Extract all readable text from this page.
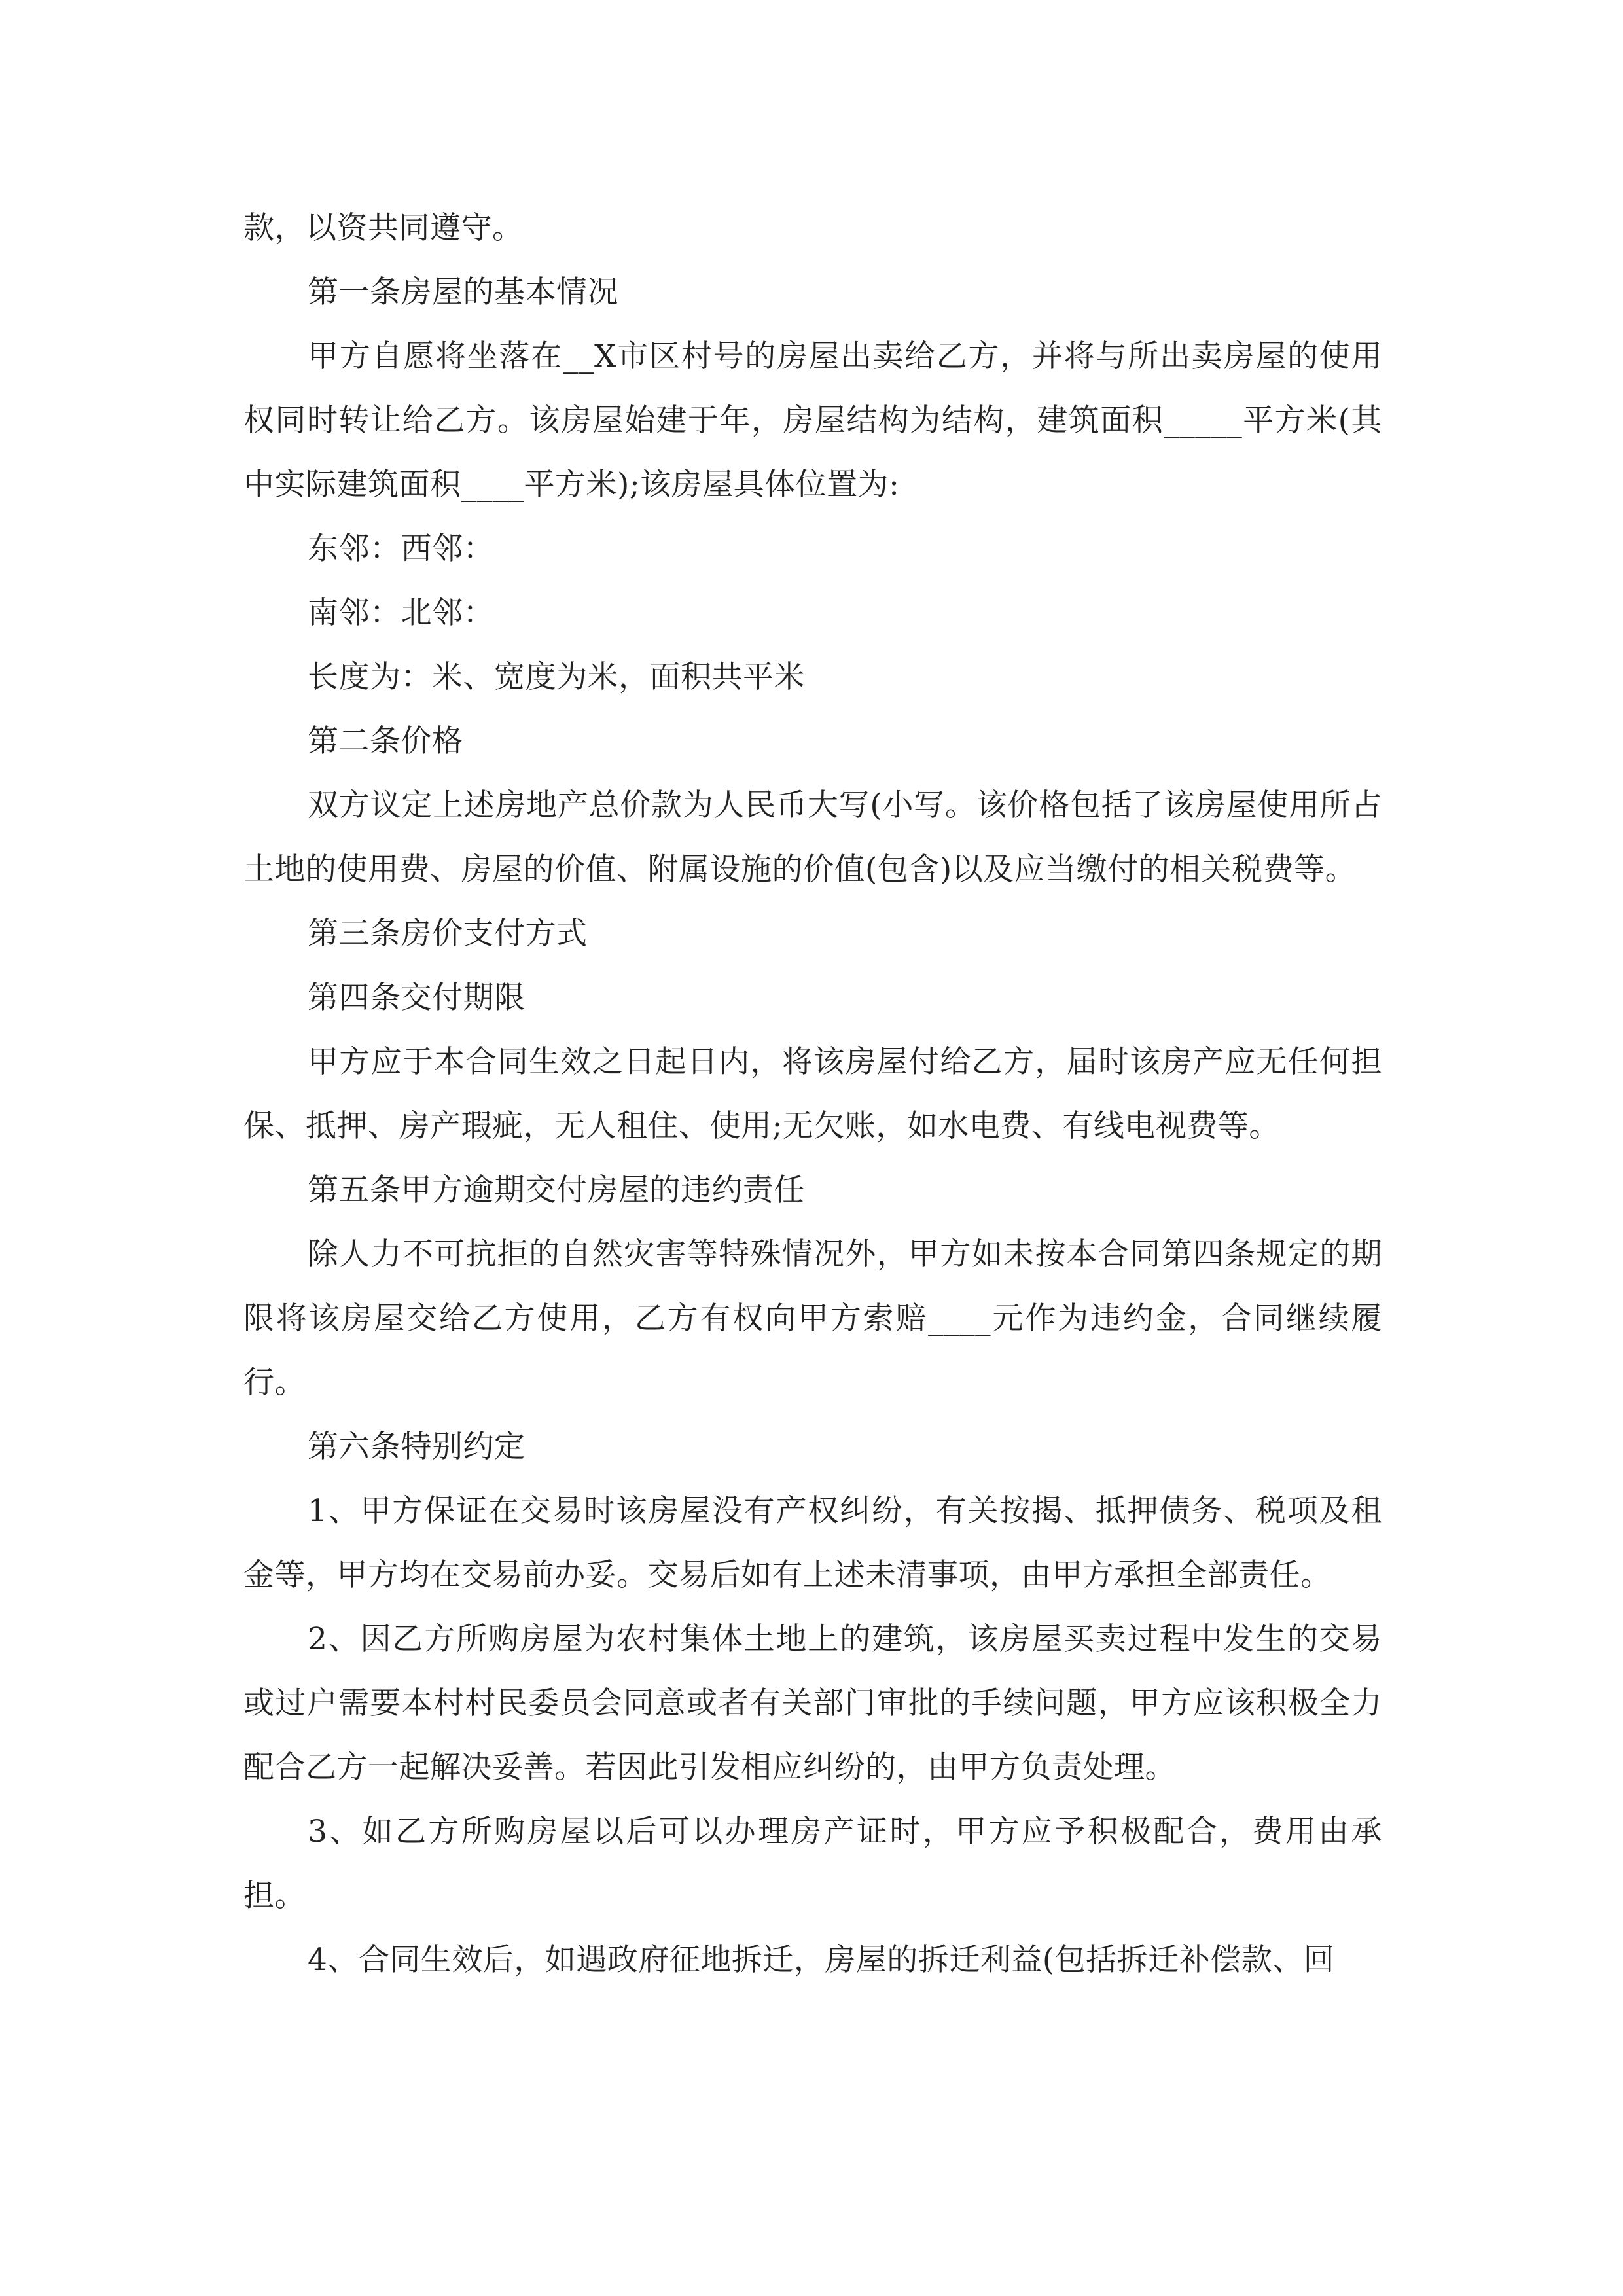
款，以资共同遵守。

第一条房屋的基本情况

甲方自愿将坐落在__X市区村号的房屋出卖给乙方，并将与所出卖房屋的使用权同时转让给乙方。该房屋始建于年，房屋结构为结构，建筑面积_____平方米(其中实际建筑面积____平方米);该房屋具体位置为:

东邻：西邻：

南邻：北邻：

长度为：米、宽度为米，面积共平米

第二条价格

双方议定上述房地产总价款为人民币大写(小写。该价格包括了该房屋使用所占土地的使用费、房屋的价值、附属设施的价值(包含)以及应当缴付的相关税费等。

第三条房价支付方式

第四条交付期限

甲方应于本合同生效之日起日内，将该房屋付给乙方，届时该房产应无任何担保、抵押、房产瑕疵，无人租住、使用;无欠账，如水电费、有线电视费等。

第五条甲方逾期交付房屋的违约责任

除人力不可抗拒的自然灾害等特殊情况外，甲方如未按本合同第四条规定的期限将该房屋交给乙方使用，乙方有权向甲方索赔____元作为违约金，合同继续履行。

第六条特别约定

1、甲方保证在交易时该房屋没有产权纠纷，有关按揭、抵押债务、税项及租金等，甲方均在交易前办妥。交易后如有上述未清事项，由甲方承担全部责任。

2、因乙方所购房屋为农村集体土地上的建筑，该房屋买卖过程中发生的交易或过户需要本村村民委员会同意或者有关部门审批的手续问题，甲方应该积极全力配合乙方一起解决妥善。若因此引发相应纠纷的，由甲方负责处理。

3、如乙方所购房屋以后可以办理房产证时，甲方应予积极配合，费用由承担。

4、合同生效后，如遇政府征地拆迁，房屋的拆迁利益(包括拆迁补偿款、回
